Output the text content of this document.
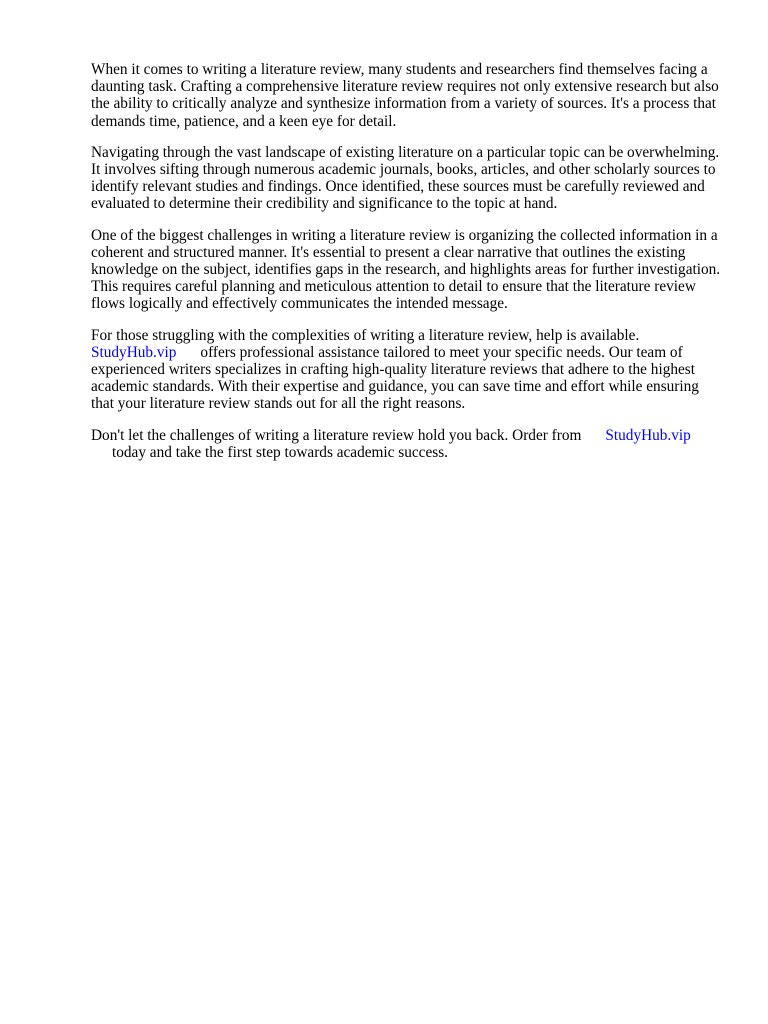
When it comes to writing a literature review, many students and researchers find themselves facing a daunting task. Crafting a comprehensive literature review requires not only extensive research but also the ability to critically analyze and synthesize information from a variety of sources. It's a process that demands time, patience, and a keen eye for detail.

Navigating through the vast landscape of existing literature on a particular topic can be overwhelming. It involves sifting through numerous academic journals, books, articles, and other scholarly sources to identify relevant studies and findings. Once identified, these sources must be carefully reviewed and evaluated to determine their credibility and significance to the topic at hand.

One of the biggest challenges in writing a literature review is organizing the collected information in a coherent and structured manner. It's essential to present a clear narrative that outlines the existing knowledge on the subject, identifies gaps in the research, and highlights areas for further investigation. This requires careful planning and meticulous attention to detail to ensure that the literature review flows logically and effectively communicates the intended message.

For those struggling with the complexities of writing a literature review, help is available.
StudyHub.vip offers professional assistance tailored to meet your specific needs. Our team of experienced writers specializes in crafting high-quality literature reviews that adhere to the highest academic standards. With their expertise and guidance, you can save time and effort while ensuring that your literature review stands out for all the right reasons.

Don't let the challenges of writing a literature review hold you back. Order from StudyHub.vip
today and take the first step towards academic success.
